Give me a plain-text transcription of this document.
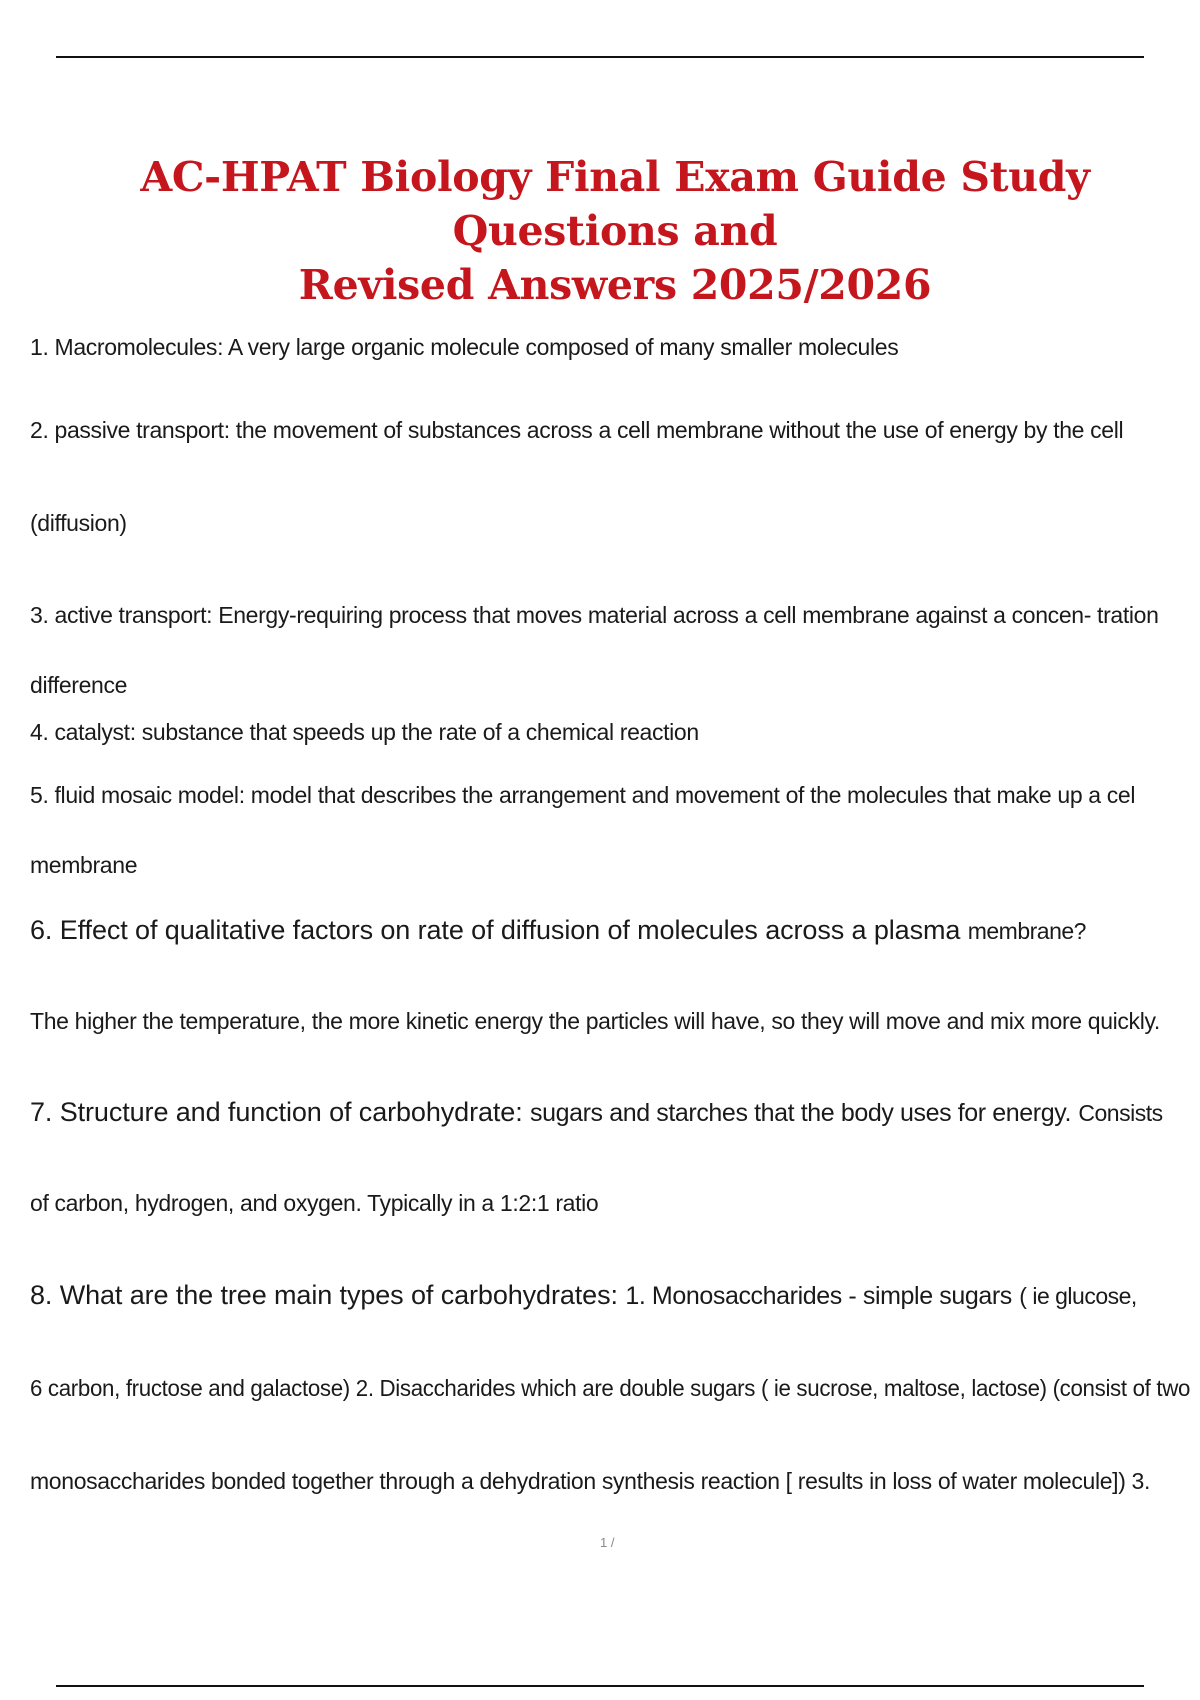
AC-HPAT Biology Final Exam Guide Study Questions and
Revised Answers 2025/2026

1. Macromolecules: A very large organic molecule composed of many smaller molecules

2. passive transport: the movement of substances across a cell membrane without the use of energy by the cell

(diffusion)

3. active transport: Energy-requiring process that moves material across a cell membrane against a concen- tration

difference

4. catalyst: substance that speeds up the rate of a chemical reaction

5. fluid mosaic model: model that describes the arrangement and movement of the molecules that make up a cel

membrane

6. Effect of qualitative factors on rate of diffusion of molecules across a plasma membrane?

The higher the temperature, the more kinetic energy the particles will have, so they will move and mix more quickly.

7. Structure and function of carbohydrate: sugars and starches that the body uses for energy. Consists

of carbon, hydrogen, and oxygen. Typically in a 1:2:1 ratio

8. What are the tree main types of carbohydrates: 1. Monosaccharides - simple sugars ( ie glucose,

6 carbon, fructose and galactose) 2. Disaccharides which are double sugars ( ie sucrose, maltose, lactose) (consist of two

monosaccharides bonded together through a dehydration synthesis reaction [ results in loss of water molecule]) 3.

1 /
